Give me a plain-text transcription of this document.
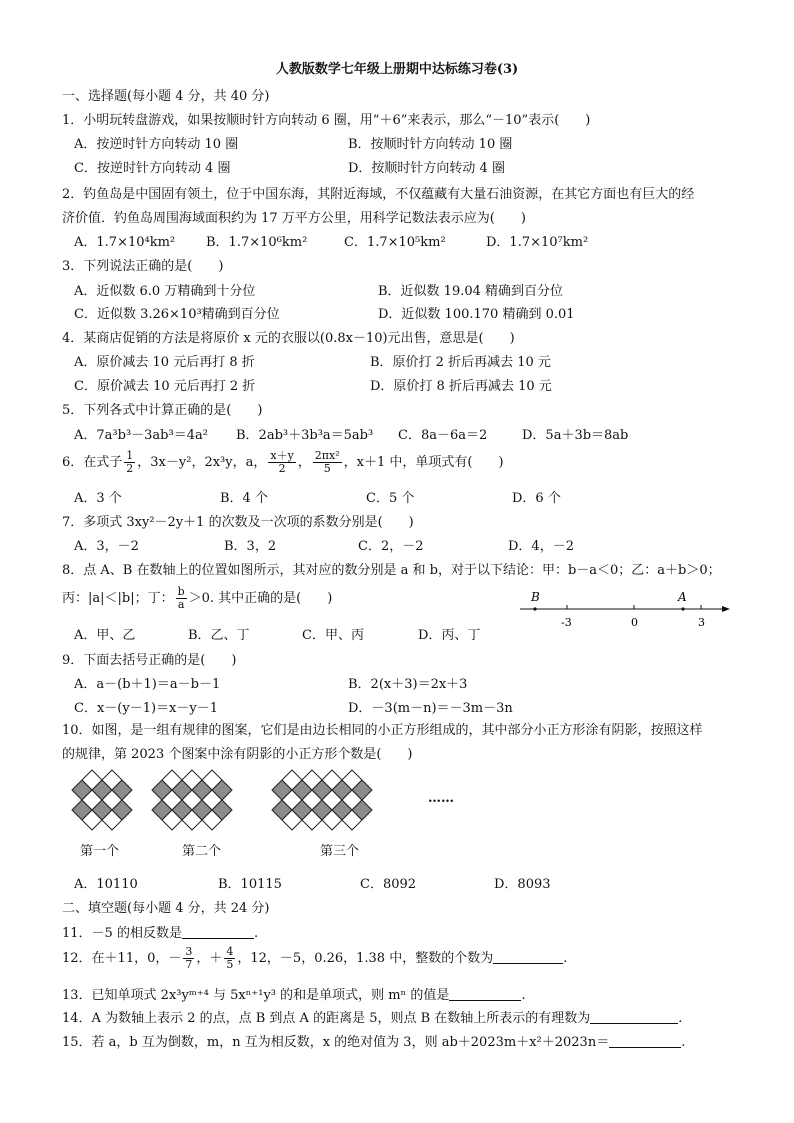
人教版数学七年级上册期中达标练习卷(3)
一、选择题(每小题 4 分，共 40 分)
1．小明玩转盘游戏，如果按顺时针方向转动 6 圈，用“＋6”来表示，那么“－10”表示(　　)
A．按逆时针方向转动 10 圈	B．按顺时针方向转动 10 圈
C．按逆时针方向转动 4 圈	D．按顺时针方向转动 4 圈
2．钓鱼岛是中国固有领土，位于中国东海，其附近海域，不仅蕴藏有大量石油资源，在其它方面也有巨大的经
济价值．钓鱼岛周围海域面积约为 17 万平方公里，用科学记数法表示应为(　　)
A．1.7×10⁴km² B．1.7×10⁶km²	C．1.7×10⁵km²	D．1.7×10⁷km²
3．下列说法正确的是(　　)
A．近似数 6.0 万精确到十分位	B．近似数 19.04 精确到百分位
C．近似数 3.26×10³精确到百分位	D．近似数 100.170 精确到 0.01
4．某商店促销的方法是将原价 x 元的衣服以(0.8x－10)元出售，意思是(　　)
A．原价减去 10 元后再打 8 折	B．原价打 2 折后再减去 10 元
C．原价减去 10 元后再打 2 折	D．原价打 8 折后再减去 10 元
5．下列各式中计算正确的是(　　)
A．7a³b³－3ab³＝4a² B．2ab³＋3b³a＝5ab³ C．8a－6a＝2	D．5a＋3b＝8ab
6．在式子 $\frac{1}{2}$ ，3x－y²，2x³y，a， $\frac{x+y}{2}$ ， $\frac{\text{2πx²}}{5}$ ，x＋1 中，单项式有(　　)
A．3 个	B．4 个	C．5 个	D．6 个
7．多项式 3xy²－2y＋1 的次数及一次项的系数分别是(　　)
A．3，－2	B．3，2	C．2，－2	D．4，－2
8．点 A、B 在数轴上的位置如图所示，其对应的数分别是 a 和 b，对于以下结论：甲：b－a＜0；乙：a＋b＞0；
丙：|a|＜|b|；丁： $\frac{b}{a} >0$. 其中正确的是(　　)	B	A
-3	0	3
A．甲、乙	B．乙、丁	C．甲、丙	D．丙、丁
9．下面去括号正确的是(　　)
A．a－(b＋1)＝a－b－1	B．2(x＋3)＝2x＋3
C．x－(y－1)＝x－y－1	D．－3(m－n)＝－3m－3n
10．如图，是一组有规律的图案，它们是由边长相同的小正方形组成的，其中部分小正方形涂有阴影，按照这样
的规律，第 2023 个图案中涂有阴影的小正方形个数是(　　)
……
第一个	第二个	第三个
A．10110	B．10115	C．8092	D．8093
二、填空题(每小题 4 分，共 24 分)
11．－5 的相反数是	.
12．在＋11，0，－ $\frac{3}{7}$ ，＋ $\frac{4}{5}$ ，12，－5，0.26，1.38 中，整数的个数为	.
13．已知单项式 2x³yᵐ⁺⁴ 与 5xⁿ⁺¹y³ 的和是单项式，则 mⁿ 的值是	.
14．A 为数轴上表示 2 的点，点 B 到点 A 的距离是 5，则点 B 在数轴上所表示的有理数为	.
15．若 a，b 互为倒数，m，n 互为相反数，x 的绝对值为 3，则 ab＋2023m＋x²＋2023n＝	.
